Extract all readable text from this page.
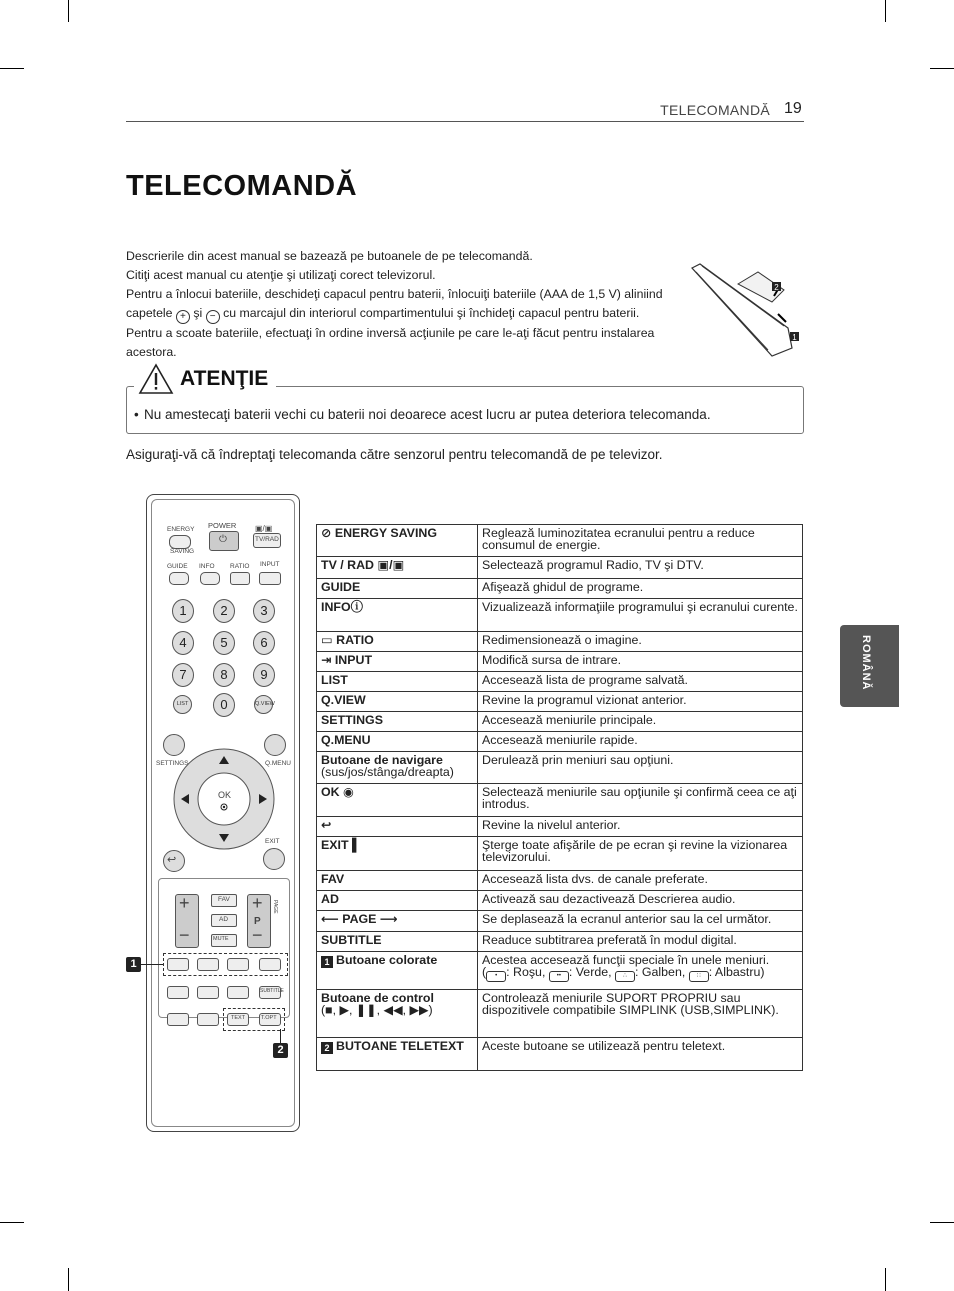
TELECOMANDĂ 19
TELECOMANDĂ

Descrierile din acest manual se bazează pe butoanele de pe telecomandă.

Citiţi acest manual cu atenţie şi utilizaţi corect televizorul.

Pentru a înlocui bateriile, deschideţi capacul pentru baterii, înlocuiţi bateriile (AAA de 1,5 V) aliniind

capetele + şi − cu marcajul din interiorul compartimentului şi închideţi capacul pentru baterii.

Pentru a scoate bateriile, efectuaţi în ordine inversă acţiunile pe care le-aţi făcut pentru instalarea

acestora.

2
1
ATENŢIE
• Nu amestecaţi baterii vechi cu baterii noi deoarece acest lucru ar putea deteriora telecomanda.
Asiguraţi-vă că îndreptaţi telecomanda către senzorul pentru telecomandă de pe televizor.
ROMÂNĂ
ENERGY
SAVING
POWER
⏻
▣/▣
TV/RAD
GUIDE INFO RATIO INPUT
1	2	3
4	5	6
7	8	9
LIST	0	Q.VIEW
SETTINGS	Q.MENU
OK
EXIT
↩
+
−
FAV
AD
MUTE
+
P
−
PAGE
SUBTITLE
TEXT	T.OPT
1
2
⊘ ENERGY SAVING	Reglează luminozitatea ecranului pentru a reduce consumul de energie.
TV / RAD ▣/▣	Selectează programul Radio, TV şi DTV.
GUIDE	Afişează ghidul de programe.
INFOⓘ	Vizualizează informaţiile programului şi ecranului curente.
▭ RATIO	Redimensionează o imagine.
⇥ INPUT	Modifică sursa de intrare.
LIST	Accesează lista de programe salvată.
Q.VIEW	Revine la programul vizionat anterior.
SETTINGS	Accesează meniurile principale.
Q.MENU	Accesează meniurile rapide.
Butoane de navigare
(sus/jos/stânga/dreapta)	Derulează prin meniuri sau opţiuni.
OK ◉	Selectează meniurile sau opţiunile şi confirmă ceea ce aţi introdus.
↩	Revine la nivelul anterior.
EXIT ▌	Şterge toate afişările de pe ecran şi revine la vizionarea televizorului.
FAV	Accesează lista dvs. de canale preferate.
AD	Activează sau dezactivează Descrierea audio.
⟵ PAGE ⟶	Se deplasează la ecranul anterior sau la cel următor.
SUBTITLE	Readuce subtitrarea preferată în modul digital.
1 Butoane colorate	Acestea accesează funcţii speciale în unele meniuri.
( • : Roşu, •• : Verde, ∴ : Galben, ∷ : Albastru)
Butoane de control
(■, ▶, ❚❚, ◀◀, ▶▶)	Controlează meniurile SUPORT PROPRIU sau dispozitivele compatibile SIMPLINK (USB,SIMPLINK).
2 BUTOANE TELETEXT	Aceste butoane se utilizează pentru teletext.
